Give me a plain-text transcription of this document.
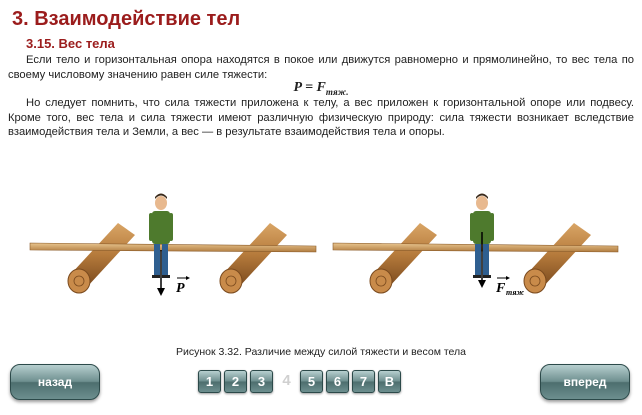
3. Взаимодействие тел
3.15. Вес тела

Если тело и горизонтальная опора находятся в покое или движутся равномерно и прямолинейно, то вес тела по своему числовому значению равен силе тяжести:

$P = F_{тяж.}$

Но следует помнить, что сила тяжести приложена к телу, а вес приложен к горизонтальной опоре или подвесу. Кроме того, вес тела и сила тяжести имеют различную физическую природу: сила тяжести возникает вследствие взаимодействия тела и Земли, а вес — в результате взаимодействия тела и опоры.

P	F тяж
Рисунок 3.32. Различие между силой тяжести и весом тела
назад	1	2	3	4	5	6	7	В	вперед
